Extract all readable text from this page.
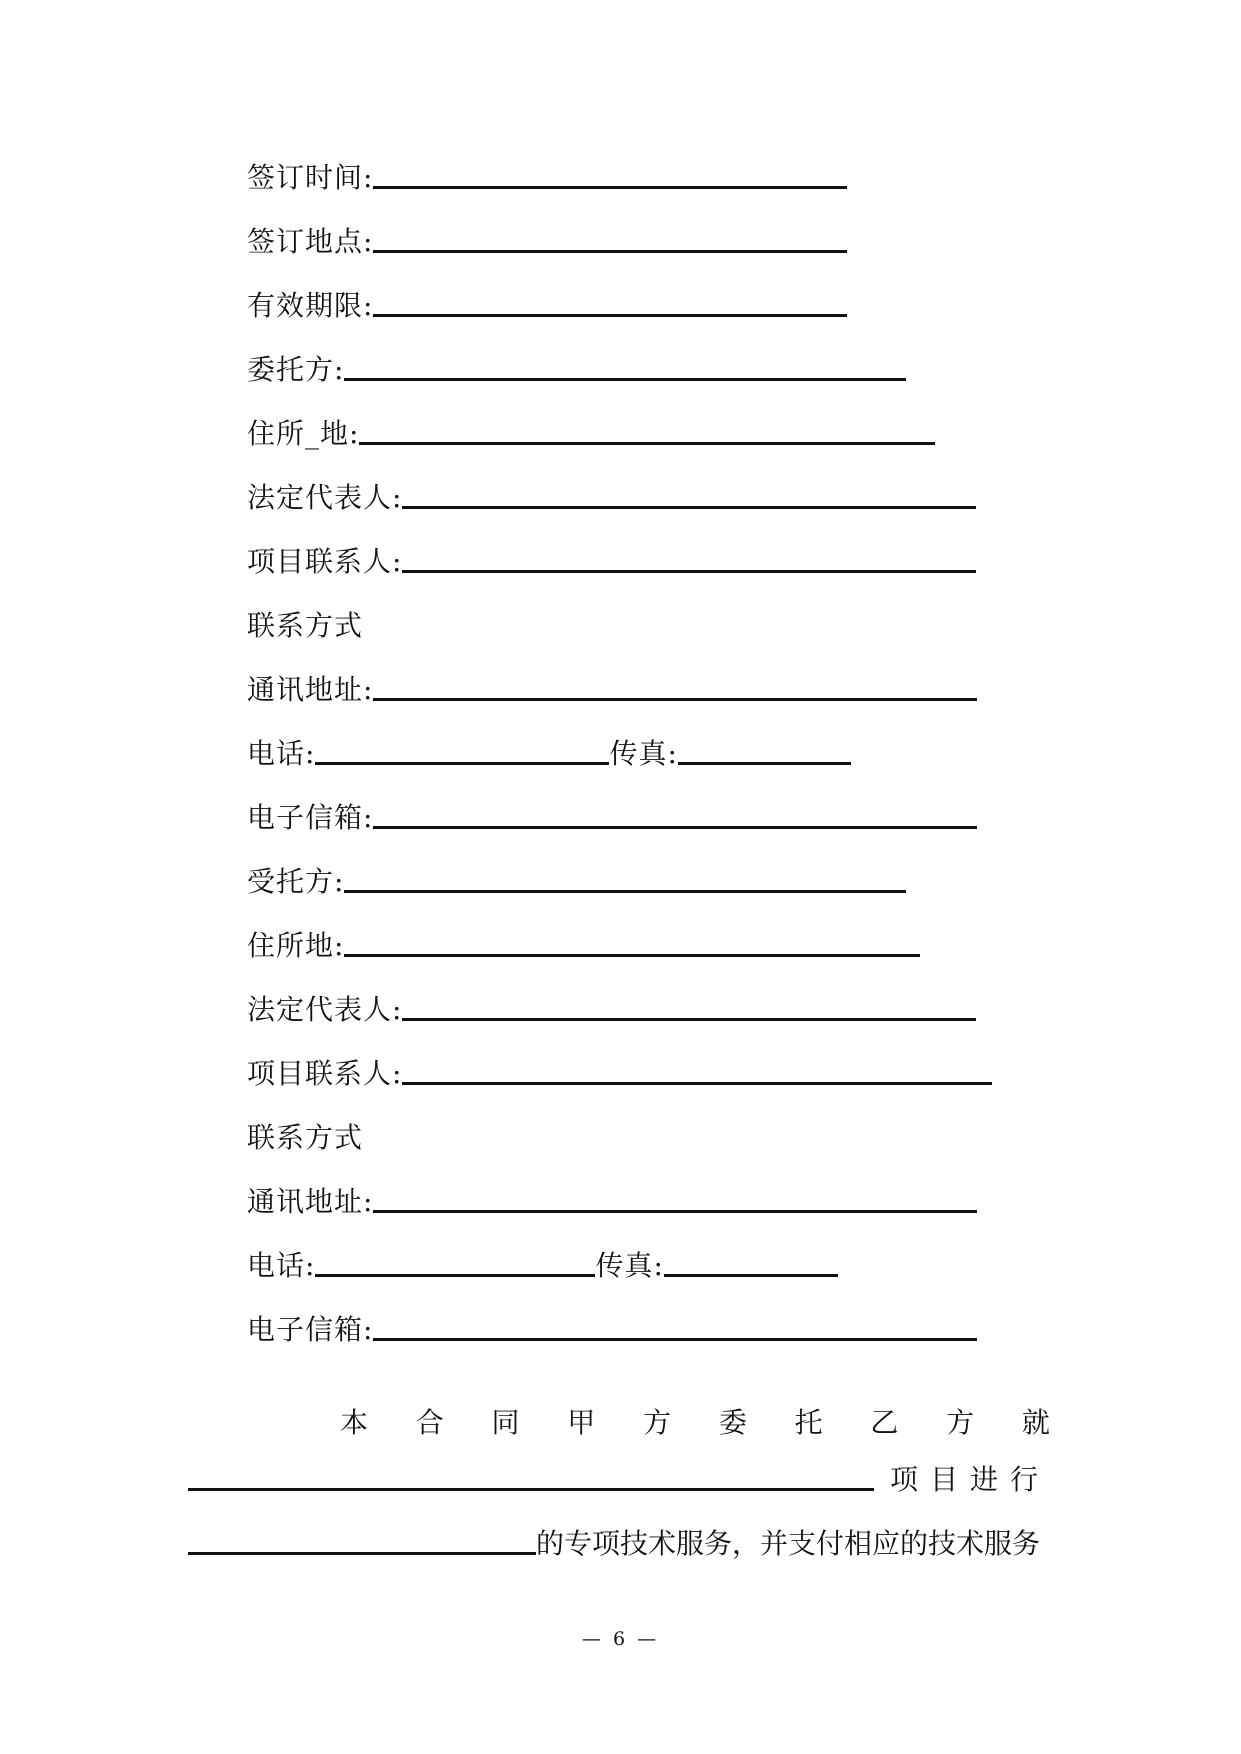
签订时间:
签订地点:
有效期限:
委托方:
住所_地:
法定代表人:
项目联系人:
联系方式
通讯地址:
电话:	传真:
电子信箱:
受托方:
住所地:
法定代表人:
项目联系人:
联系方式
通讯地址:
电话:	传真:
电子信箱:
本 合 同 甲 方 委 托 乙 方 就
项目进行
的专项技术服务，并支付相应的技术服务
— 6 —
